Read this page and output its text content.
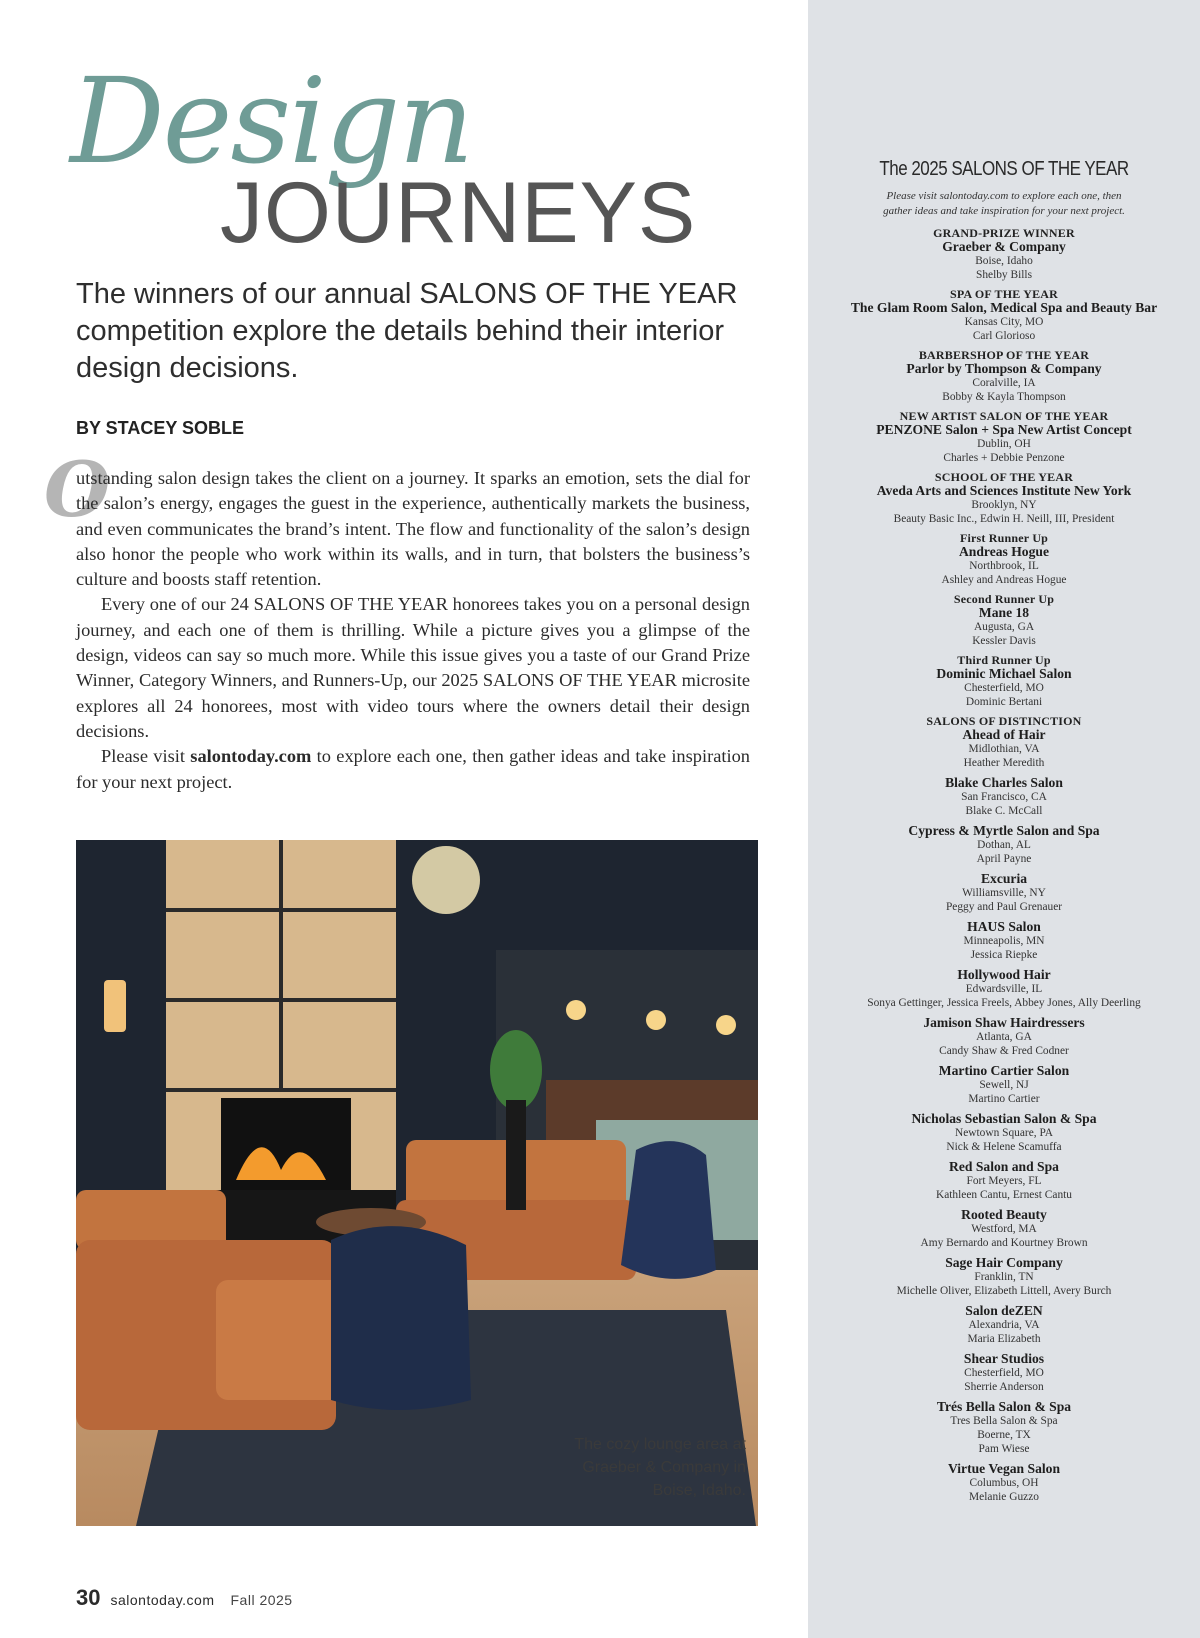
Design
JOURNEYS
The winners of our annual SALONS OF THE YEAR competition explore the details behind their interior design decisions.
BY STACEY SOBLE
O

utstanding salon design takes the client on a journey. It sparks an emotion, sets the dial for the salon’s energy, engages the guest in the experience, authentically markets the business, and even communicates the brand’s intent. The flow and functionality of the salon’s design also honor the people who work within its walls, and in turn, that bolsters the business’s culture and boosts staff retention.

Every one of our 24 SALONS OF THE YEAR honorees takes you on a personal design journey, and each one of them is thrilling. While a picture gives you a glimpse of the design, videos can say so much more. While this issue gives you a taste of our Grand Prize Winner, Category Winners, and Runners-Up, our 2025 SALONS OF THE YEAR microsite explores all 24 honorees, most with video tours where the owners detail their design decisions.

Please visit salontoday.com to explore each one, then gather ideas and take inspiration for your next project.

The cozy lounge area at
Graeber & Company in
Boise, Idaho.
30 salontoday.com Fall 2025
The 2025 SALONS OF THE YEAR
Please visit salontoday.com to explore each one, then
gather ideas and take inspiration for your next project.
GRAND-PRIZE WINNER
Graeber & Company
Boise, Idaho
Shelby Bills
SPA OF THE YEAR
The Glam Room Salon, Medical Spa and Beauty Bar
Kansas City, MO
Carl Glorioso
BARBERSHOP OF THE YEAR
Parlor by Thompson & Company
Coralville, IA
Bobby & Kayla Thompson
NEW ARTIST SALON OF THE YEAR
PENZONE Salon + Spa New Artist Concept
Dublin, OH
Charles + Debbie Penzone
SCHOOL OF THE YEAR
Aveda Arts and Sciences Institute New York
Brooklyn, NY
Beauty Basic Inc., Edwin H. Neill, III, President
First Runner Up
Andreas Hogue
Northbrook, IL
Ashley and Andreas Hogue
Second Runner Up
Mane 18
Augusta, GA
Kessler Davis
Third Runner Up
Dominic Michael Salon
Chesterfield, MO
Dominic Bertani
SALONS OF DISTINCTION
Ahead of Hair
Midlothian, VA
Heather Meredith
Blake Charles Salon
San Francisco, CA
Blake C. McCall
Cypress & Myrtle Salon and Spa
Dothan, AL
April Payne
Excuria
Williamsville, NY
Peggy and Paul Grenauer
HAUS Salon
Minneapolis, MN
Jessica Riepke
Hollywood Hair
Edwardsville, IL
Sonya Gettinger, Jessica Freels, Abbey Jones, Ally Deerling
Jamison Shaw Hairdressers
Atlanta, GA
Candy Shaw & Fred Codner
Martino Cartier Salon
Sewell, NJ
Martino Cartier
Nicholas Sebastian Salon & Spa
Newtown Square, PA
Nick & Helene Scamuffa
Red Salon and Spa
Fort Meyers, FL
Kathleen Cantu, Ernest Cantu
Rooted Beauty
Westford, MA
Amy Bernardo and Kourtney Brown
Sage Hair Company
Franklin, TN
Michelle Oliver, Elizabeth Littell, Avery Burch
Salon deZEN
Alexandria, VA
Maria Elizabeth
Shear Studios
Chesterfield, MO
Sherrie Anderson
Trés Bella Salon & Spa
Tres Bella Salon & Spa
Boerne, TX
Pam Wiese
Virtue Vegan Salon
Columbus, OH
Melanie Guzzo
